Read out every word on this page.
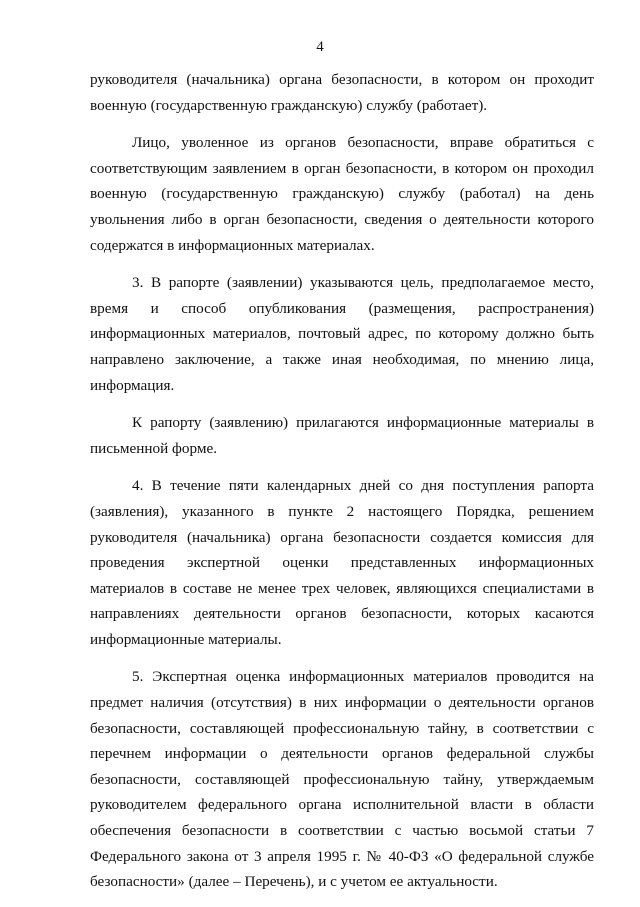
4

руководителя (начальника) органа безопасности, в котором он проходит военную (государственную гражданскую) службу (работает).

Лицо, уволенное из органов безопасности, вправе обратиться с соответствующим заявлением в орган безопасности, в котором он проходил военную (государственную гражданскую) службу (работал) на день увольнения либо в орган безопасности, сведения о деятельности которого содержатся в информационных материалах.

3. В рапорте (заявлении) указываются цель, предполагаемое место, время и способ опубликования (размещения, распространения) информационных материалов, почтовый адрес, по которому должно быть направлено заключение, а также иная необходимая, по мнению лица, информация.

К рапорту (заявлению) прилагаются информационные материалы в письменной форме.

4. В течение пяти календарных дней со дня поступления рапорта (заявления), указанного в пункте 2 настоящего Порядка, решением руководителя (начальника) органа безопасности создается комиссия для проведения экспертной оценки представленных информационных материалов в составе не менее трех человек, являющихся специалистами в направлениях деятельности органов безопасности, которых касаются информационные материалы.

5. Экспертная оценка информационных материалов проводится на предмет наличия (отсутствия) в них информации о деятельности органов безопасности, составляющей профессиональную тайну, в соответствии с перечнем информации о деятельности органов федеральной службы безопасности, составляющей профессиональную тайну, утверждаемым руководителем федерального органа исполнительной власти в области обеспечения безопасности в соответствии с частью восьмой статьи 7 Федерального закона от 3 апреля 1995 г. № 40-ФЗ «О федеральной службе безопасности» (далее – Перечень), и с учетом ее актуальности.
